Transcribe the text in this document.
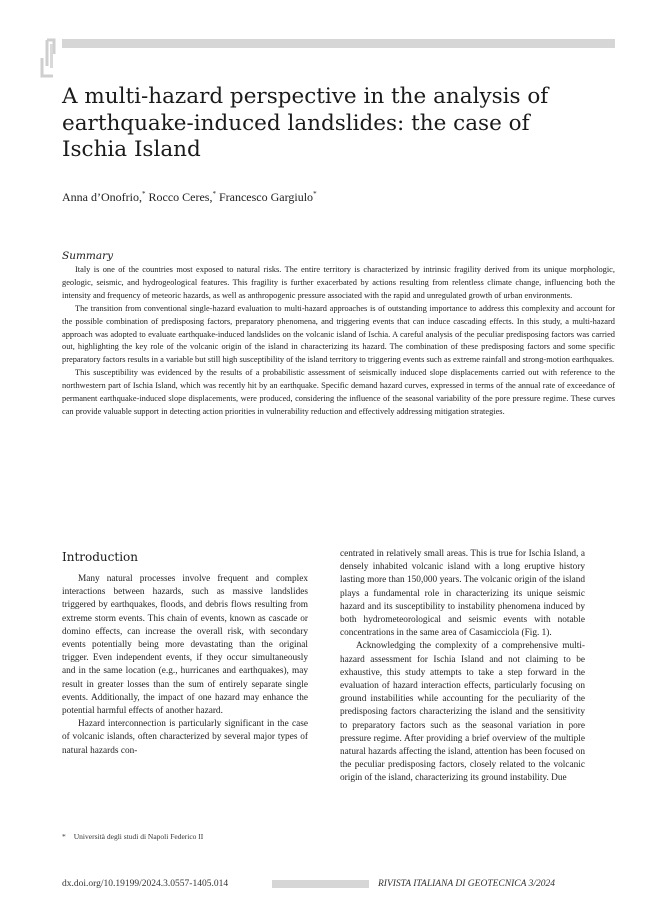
A multi-hazard perspective in the analysis of earthquake-induced landslides: the case of Ischia Island
Anna d’Onofrio,* Rocco Ceres,* Francesco Gargiulo*
Summary

Italy is one of the countries most exposed to natural risks. The entire territory is characterized by intrinsic fragility derived from its unique morphologic, geologic, seismic, and hydrogeological features. This fragility is further exacerbated by actions resulting from relentless climate change, influencing both the intensity and frequency of meteoric hazards, as well as anthropogenic pressure associated with the rapid and unregulated growth of urban environments.

The transition from conventional single-hazard evaluation to multi-hazard approaches is of outstanding importance to address this complexity and account for the possible combination of predisposing factors, preparatory phenomena, and triggering events that can induce cascading effects. In this study, a multi-hazard approach was adopted to evaluate earthquake-induced landslides on the volcanic island of Ischia. A careful analysis of the peculiar predisposing factors was carried out, highlighting the key role of the volcanic origin of the island in characterizing its hazard. The combination of these predisposing factors and some specific preparatory factors results in a variable but still high susceptibility of the island territory to triggering events such as extreme rainfall and strong-motion earthquakes.

This susceptibility was evidenced by the results of a probabilistic assessment of seismically induced slope displacements carried out with reference to the northwestern part of Ischia Island, which was recently hit by an earthquake. Specific demand hazard curves, expressed in terms of the annual rate of exceedance of permanent earthquake-induced slope displacements, were produced, considering the influence of the seasonal variability of the pore pressure regime. These curves can provide valuable support in detecting action priorities in vulnerability reduction and effectively addressing mitigation strategies.

Introduction

Many natural processes involve frequent and complex interactions between hazards, such as massive landslides triggered by earthquakes, floods, and debris flows resulting from extreme storm events. This chain of events, known as cascade or domino effects, can increase the overall risk, with secondary events potentially being more devastating than the original trigger. Even independent events, if they occur simultaneously and in the same location (e.g., hurricanes and earthquakes), may result in greater losses than the sum of entirely separate single events. Additionally, the impact of one hazard may enhance the potential harmful effects of another hazard.

Hazard interconnection is particularly significant in the case of volcanic islands, often characterized by several major types of natural hazards con-

centrated in relatively small areas. This is true for Ischia Island, a densely inhabited volcanic island with a long eruptive history lasting more than 150,000 years. The volcanic origin of the island plays a fundamental role in characterizing its unique seismic hazard and its susceptibility to instability phenomena induced by both hydrometeorological and seismic events with notable concentrations in the same area of Casamicciola (Fig. 1).

Acknowledging the complexity of a comprehensive multi-hazard assessment for Ischia Island and not claiming to be exhaustive, this study attempts to take a step forward in the evaluation of hazard interaction effects, particularly focusing on ground instabilities while accounting for the peculiarity of the predisposing factors characterizing the island and the sensitivity to preparatory factors such as the seasonal variation in pore pressure regime. After providing a brief overview of the multiple natural hazards affecting the island, attention has been focused on the peculiar predisposing factors, closely related to the volcanic origin of the island, characterizing its ground instability. Due

* Università degli studi di Napoli Federico II
dx.doi.org/10.19199/2024.3.0557-1405.014	RIVISTA ITALIANA DI GEOTECNICA 3/2024
